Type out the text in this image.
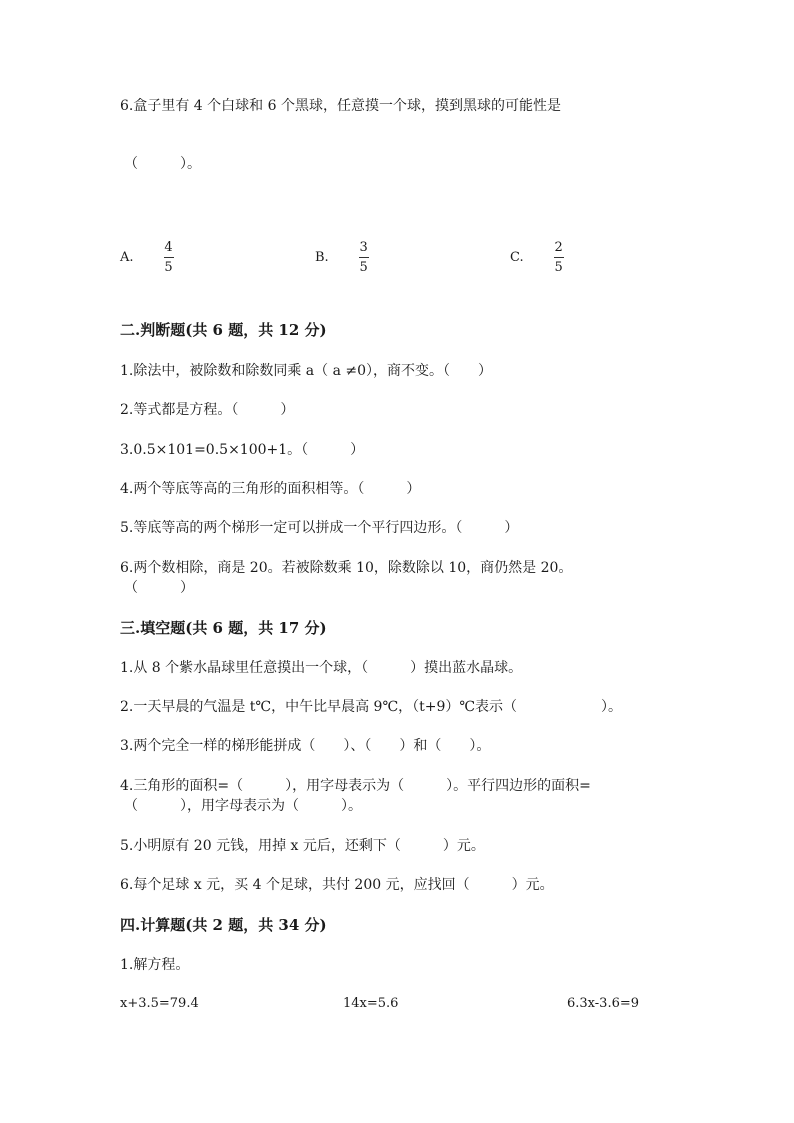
6.盒子里有 4 个白球和 6 个黑球，任意摸一个球，摸到黑球的可能性是
（　　　）。
A. $\frac{4}{5}$	B. $\frac{3}{5}$	C. $\frac{2}{5}$
二.判断题(共 6 题，共 12 分)
1.除法中，被除数和除数同乘 a（ a ≠0），商不变。（　　）
2.等式都是方程。（　　　）
3.0.5×101=0.5×100+1。（　　　）
4.两个等底等高的三角形的面积相等。（　　　）
5.等底等高的两个梯形一定可以拼成一个平行四边形。（　　　）
6.两个数相除，商是 20。若被除数乘 10，除数除以 10，商仍然是 20。
（　　　）
三.填空题(共 6 题，共 17 分)
1.从 8 个紫水晶球里任意摸出一个球，（　　　）摸出蓝水晶球。
2.一天早晨的气温是 t℃，中午比早晨高 9℃，（t+9）℃表示（　　　　　　）。
3.两个完全一样的梯形能拼成（　　）、（　　）和（　　）。
4.三角形的面积=（　　　），用字母表示为（　　　）。平行四边形的面积=
（　　　），用字母表示为（　　　）。
5.小明原有 20 元钱，用掉 x 元后，还剩下（　　　）元。
6.每个足球 x 元，买 4 个足球，共付 200 元，应找回（　　　）元。
四.计算题(共 2 题，共 34 分)
1.解方程。
x+3.5=79.4	14x=5.6	6.3x-3.6=9
